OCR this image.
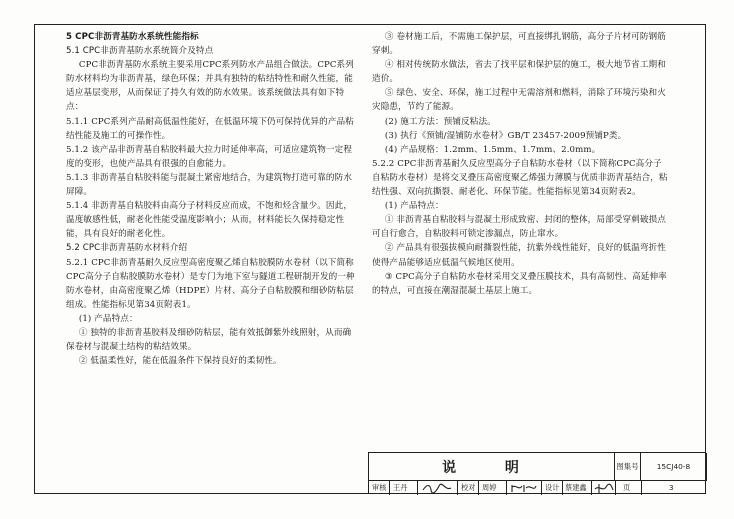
5 CPC非沥青基防水系统性能指标

5.1 CPC非沥青基防水系统简介及特点

CPC非沥青基防水系统主要采用CPC系列防水产品组合做法。CPC系列防水材料均为非沥青基，绿色环保；并具有独特的粘结特性和耐久性能，能适应基层变形，从而保证了持久有效的防水效果。该系统做法具有如下特点：

5.1.1 CPC系列产品耐高低温性能好，在低温环境下仍可保持优异的产品粘结性能及施工的可操作性。

5.1.2 该产品非沥青基自粘胶料最大拉力时延伸率高，可适应建筑物一定程度的变形，也使产品具有很强的自愈能力。

5.1.3 非沥青基自粘胶料能与混凝土紧密地结合，为建筑物打造可靠的防水屏障。

5.1.4 非沥青基自粘胶料由高分子材料反应而成，不饱和烃含量少。因此，温度敏感性低，耐老化性能受温度影响小；从而，材料能长久保持稳定性能，具有良好的耐老化性。

5.2 CPC非沥青基防水材料介绍

5.2.1 CPC非沥青基耐久反应型高密度聚乙烯自粘胶膜防水卷材（以下简称CPC高分子自粘胶膜防水卷材）是专门为地下室与隧道工程研制开发的一种防水卷材，由高密度聚乙烯（HDPE）片材、高分子自粘胶膜和细砂防粘层组成。性能指标见第34页附表1。

(1) 产品特点：

① 独特的非沥青基胶料及细砂防粘层，能有效抵御紫外线照射，从而确保卷材与混凝土结构的粘结效果。

② 低温柔性好，能在低温条件下保持良好的柔韧性。

③ 卷材施工后，不需施工保护层，可直接绑扎钢筋，高分子片材可防钢筋穿刺。

④ 相对传统防水做法，省去了找平层和保护层的施工，极大地节省工期和造价。

⑤ 绿色、安全、环保，施工过程中无需溶剂和燃料，消除了环境污染和火灾隐患，节约了能源。

(2) 施工方法：预铺反粘法。

(3) 执行《预铺/湿铺防水卷材》GB/T 23457-2009预铺P类。

(4) 产品规格：1.2mm、1.5mm、1.7mm、2.0mm。

5.2.2 CPC非沥青基耐久反应型高分子自粘防水卷材（以下简称CPC高分子自粘防水卷材）是将交叉叠压高密度聚乙烯强力薄膜与优质非沥青基结合，粘结性强、双向抗撕裂、耐老化、环保节能。性能指标见第34页附表2。

(1) 产品特点：

① 非沥青基自粘胶料与混凝土形成致密、封闭的整体，局部受穿刺破损点可自行愈合，自粘胶料可锁定渗漏点，防止窜水。

② 产品具有很强拔模向耐撕裂性能，抗紫外线性能好，良好的低温弯折性使得产品能够适应低温气候地区使用。

③ CPC高分子自粘防水卷材采用交叉叠压膜技术，具有高韧性、高延伸率的特点，可直接在潮湿混凝土基层上施工。

说 明	图集号	15CJ40-8
审核 王丹	校对 周婷	设计 蔡建鑫	页	3
